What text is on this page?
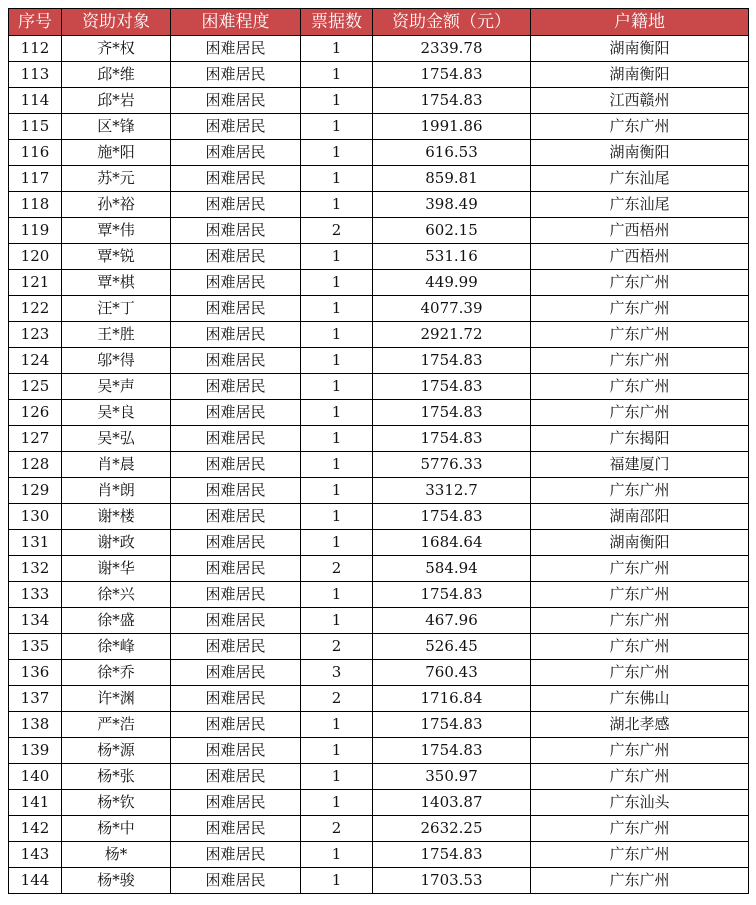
序号	资助对象	困难程度	票据数	资助金额（元）	户籍地
112	齐*权	困难居民	1	2339.78	湖南衡阳
113	邱*维	困难居民	1	1754.83	湖南衡阳
114	邱*岩	困难居民	1	1754.83	江西赣州
115	区*锋	困难居民	1	1991.86	广东广州
116	施*阳	困难居民	1	616.53	湖南衡阳
117	苏*元	困难居民	1	859.81	广东汕尾
118	孙*裕	困难居民	1	398.49	广东汕尾
119	覃*伟	困难居民	2	602.15	广西梧州
120	覃*锐	困难居民	1	531.16	广西梧州
121	覃*棋	困难居民	1	449.99	广东广州
122	汪*丁	困难居民	1	4077.39	广东广州
123	王*胜	困难居民	1	2921.72	广东广州
124	邬*得	困难居民	1	1754.83	广东广州
125	吴*声	困难居民	1	1754.83	广东广州
126	吴*良	困难居民	1	1754.83	广东广州
127	吴*弘	困难居民	1	1754.83	广东揭阳
128	肖*晨	困难居民	1	5776.33	福建厦门
129	肖*朗	困难居民	1	3312.7	广东广州
130	谢*楼	困难居民	1	1754.83	湖南邵阳
131	谢*政	困难居民	1	1684.64	湖南衡阳
132	谢*华	困难居民	2	584.94	广东广州
133	徐*兴	困难居民	1	1754.83	广东广州
134	徐*盛	困难居民	1	467.96	广东广州
135	徐*峰	困难居民	2	526.45	广东广州
136	徐*乔	困难居民	3	760.43	广东广州
137	许*渊	困难居民	2	1716.84	广东佛山
138	严*浩	困难居民	1	1754.83	湖北孝感
139	杨*源	困难居民	1	1754.83	广东广州
140	杨*张	困难居民	1	350.97	广东广州
141	杨*钦	困难居民	1	1403.87	广东汕头
142	杨*中	困难居民	2	2632.25	广东广州
143	杨*	困难居民	1	1754.83	广东广州
144	杨*骏	困难居民	1	1703.53	广东广州
